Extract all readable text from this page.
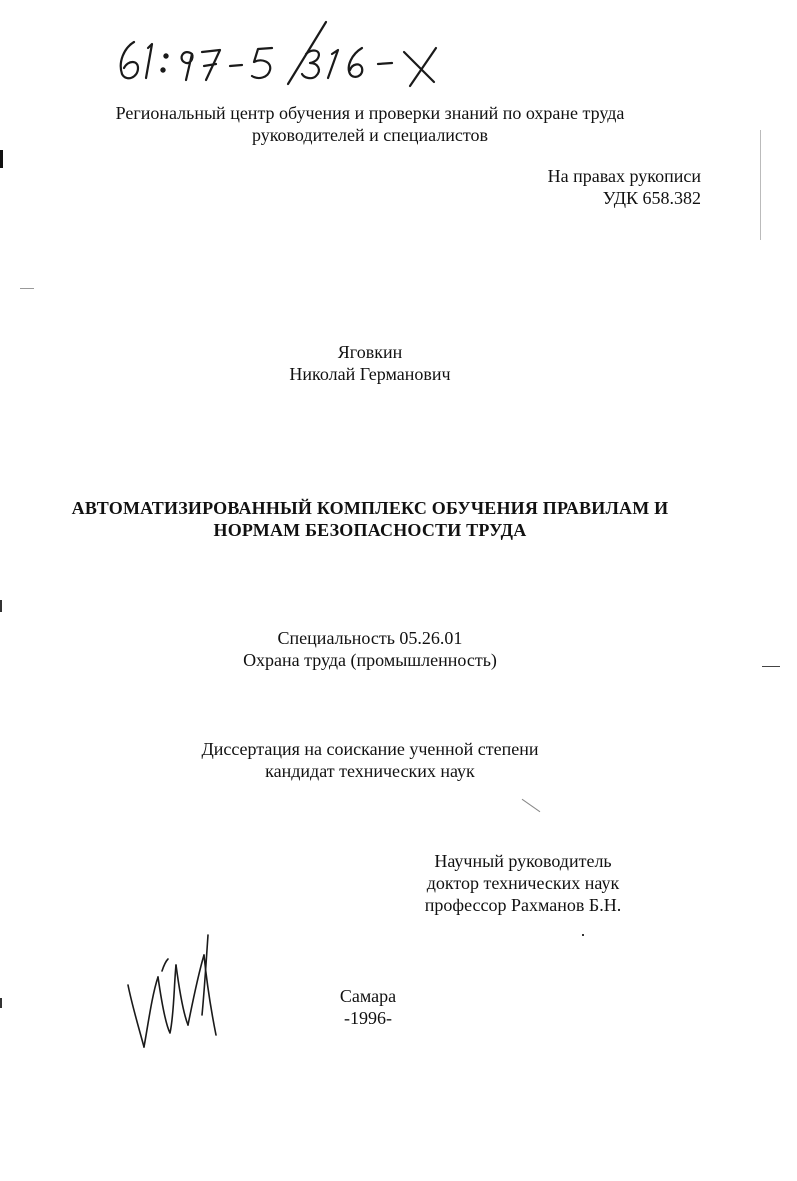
Региональный центр обучения и проверки знаний по охране труда
руководителей и специалистов
На правах рукописи
УДК 658.382
Яговкин
Николай Германович
АВТОМАТИЗИРОВАННЫЙ КОМПЛЕКС ОБУЧЕНИЯ ПРАВИЛАМ И
НОРМАМ БЕЗОПАСНОСТИ ТРУДА
Специальность 05.26.01
Охрана труда (промышленность)
Диссертация на соискание ученной степени
кандидат технических наук
Научный руководитель
доктор технических наук
профессор Рахманов Б.Н.
Самара
-1996-
